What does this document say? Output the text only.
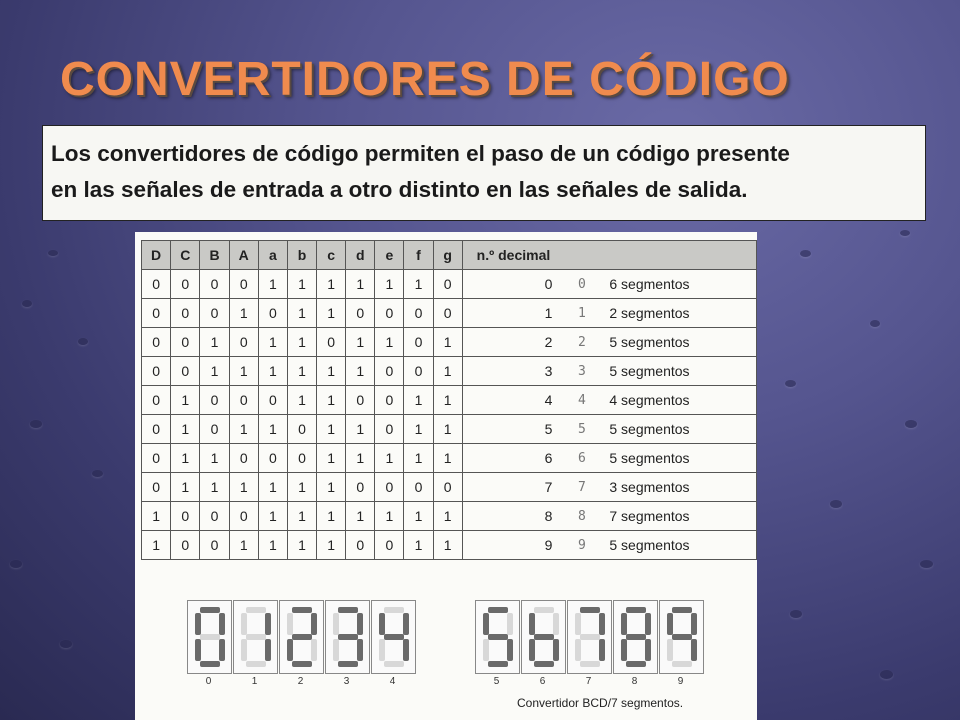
CONVERTIDORES DE CÓDIGO
Los convertidores de código permiten el paso de un código presente
en las señales de entrada a otro distinto en las señales de salida.
D	C	B	A	a	b	c	d	e	f	g	n.º decimal		
0	0	0	0	1	1	1	1	1	1	0	0	0	6 segmentos
0	0	0	1	0	1	1	0	0	0	0	1	1	2 segmentos
0	0	1	0	1	1	0	1	1	0	1	2	2	5 segmentos
0	0	1	1	1	1	1	1	0	0	1	3	3	5 segmentos
0	1	0	0	0	1	1	0	0	1	1	4	4	4 segmentos
0	1	0	1	1	0	1	1	0	1	1	5	5	5 segmentos
0	1	1	0	0	0	1	1	1	1	1	6	6	5 segmentos
0	1	1	1	1	1	1	0	0	0	0	7	7	3 segmentos
1	0	0	0	1	1	1	1	1	1	1	8	8	7 segmentos
1	0	0	1	1	1	1	0	0	1	1	9	9	5 segmentos
0	1	2	3	4	5	6	7	8	9
Convertidor BCD/7 segmentos.
